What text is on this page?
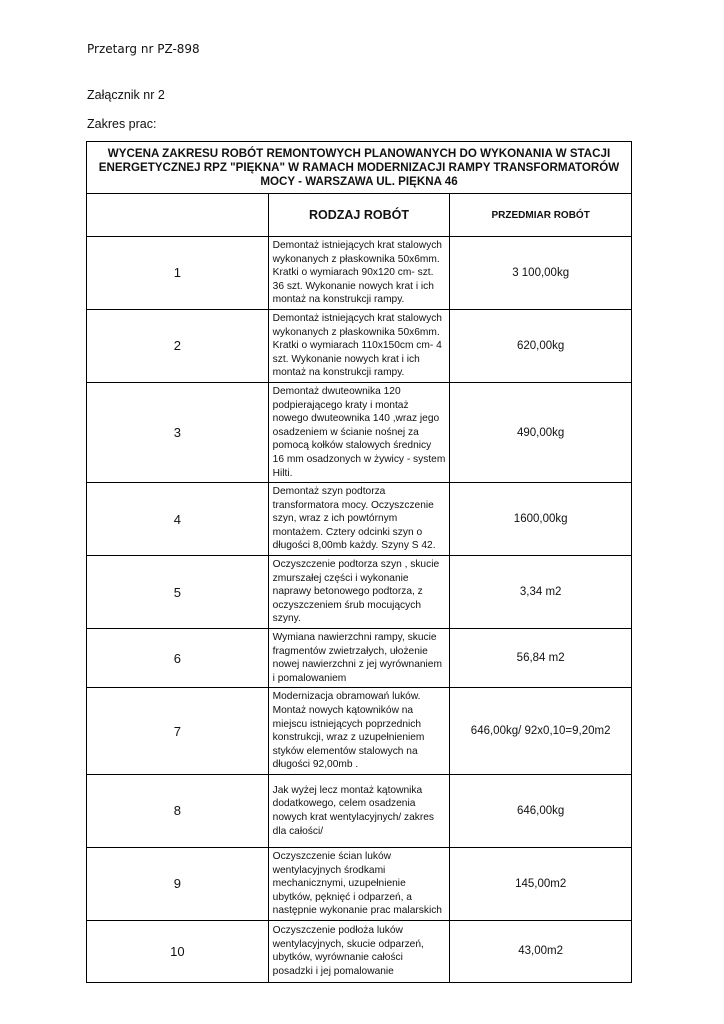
Przetarg nr PZ-898
Załącznik nr 2
Zakres prac:
WYCENA ZAKRESU ROBÓT REMONTOWYCH PLANOWANYCH DO WYKONANIA W STACJI ENERGETYCZNEJ RPZ "PIĘKNA" W RAMACH MODERNIZACJI RAMPY TRANSFORMATORÓW MOCY - WARSZAWA UL. PIĘKNA 46		
	RODZAJ ROBÓT	PRZEDMIAR ROBÓT
1	Demontaż istniejących krat stalowych wykonanych z płaskownika 50x6mm. Kratki o wymiarach 90x120 cm- szt. 36 szt. Wykonanie nowych krat i ich montaż na konstrukcji rampy.	3 100,00kg
2	Demontaż istniejących krat stalowych wykonanych z płaskownika 50x6mm. Kratki o wymiarach 110x150cm cm- 4 szt. Wykonanie nowych krat i ich montaż na konstrukcji rampy.	620,00kg
3	Demontaż dwuteownika 120 podpierającego kraty i montaż nowego dwuteownika 140 ,wraz jego osadzeniem w ścianie nośnej za pomocą kołków stalowych średnicy 16 mm osadzonych w żywicy - system Hilti.	490,00kg
4	Demontaż szyn podtorza transformatora mocy. Oczyszczenie szyn, wraz z ich powtórnym montażem. Cztery odcinki szyn o długości 8,00mb każdy. Szyny S 42.	1600,00kg
5	Oczyszczenie podtorza szyn , skucie zmurszałej części i wykonanie naprawy betonowego podtorza, z oczyszczeniem śrub mocujących szyny.	3,34 m2
6	Wymiana nawierzchni rampy, skucie fragmentów zwietrzałych, ułożenie nowej nawierzchni z jej wyrównaniem i pomalowaniem	56,84 m2
7	Modernizacja obramowań luków. Montaż nowych kątowników na miejscu istniejących poprzednich konstrukcji, wraz z uzupełnieniem styków elementów stalowych na długości 92,00mb .	646,00kg/ 92x0,10=9,20m2
8	Jak wyżej lecz montaż kątownika dodatkowego, celem osadzenia nowych krat wentylacyjnych/ zakres dla całości/	646,00kg
9	Oczyszczenie ścian luków wentylacyjnych środkami mechanicznymi, uzupełnienie ubytków, pęknięć i odparzeń, a następnie wykonanie prac malarskich	145,00m2
10	Oczyszczenie podłoża luków wentylacyjnych, skucie odparzeń, ubytków, wyrównanie całości posadzki i jej pomalowanie	43,00m2
